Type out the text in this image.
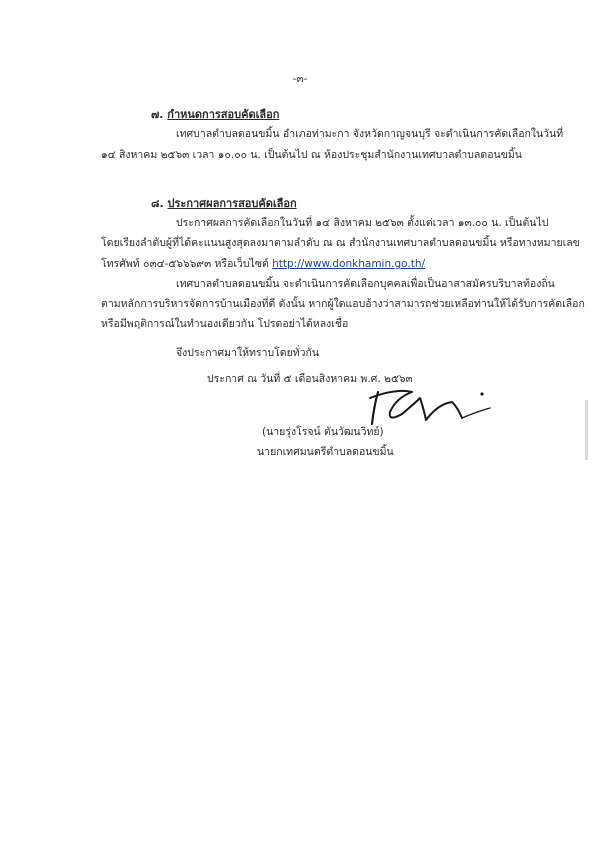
-๓-
๗. กำหนดการสอบคัดเลือก
เทศบาลตำบลดอนขมิ้น อำเภอท่ามะกา จังหวัดกาญจนบุรี จะดำเนินการคัดเลือกในวันที่
๑๔ สิงหาคม ๒๕๖๓ เวลา ๑๐.๐๐ น. เป็นต้นไป ณ ห้องประชุมสำนักงานเทศบาลตำบลดอนขมิ้น
๘. ประกาศผลการสอบคัดเลือก
ประกาศผลการคัดเลือกในวันที่ ๑๔ สิงหาคม ๒๕๖๓ ตั้งแต่เวลา ๑๓.๐๐ น. เป็นต้นไป
โดยเรียงลำดับผู้ที่ได้คะแนนสูงสุดลงมาตามลำดับ ณ ณ สำนักงานเทศบาลตำบลดอนขมิ้น หรือทางหมายเลข
โทรศัพท์ ๐๓๔-๕๖๖๖๙๓ หรือเว็บไซต์ http://www.donkhamin.go.th/
เทศบาลตำบลดอนขมิ้น จะดำเนินการคัดเลือกบุคคลเพื่อเป็นอาสาสมัครบริบาลท้องถิ่น
ตามหลักการบริหารจัดการบ้านเมืองที่ดี ดังนั้น หากผู้ใดแอบอ้างว่าสามารถช่วยเหลือท่านให้ได้รับการคัดเลือก
หรือมีพฤติการณ์ในทำนองเดียวกัน โปรดอย่าได้หลงเชื่อ
จึงประกาศมาให้ทราบโดยทั่วกัน
ประกาศ ณ วันที่ ๕ เดือนสิงหาคม พ.ศ. ๒๕๖๓
(นายรุ่งโรจน์ ตันวัฒนวิทย์)
นายกเทศมนตรีตำบลดอนขมิ้น
